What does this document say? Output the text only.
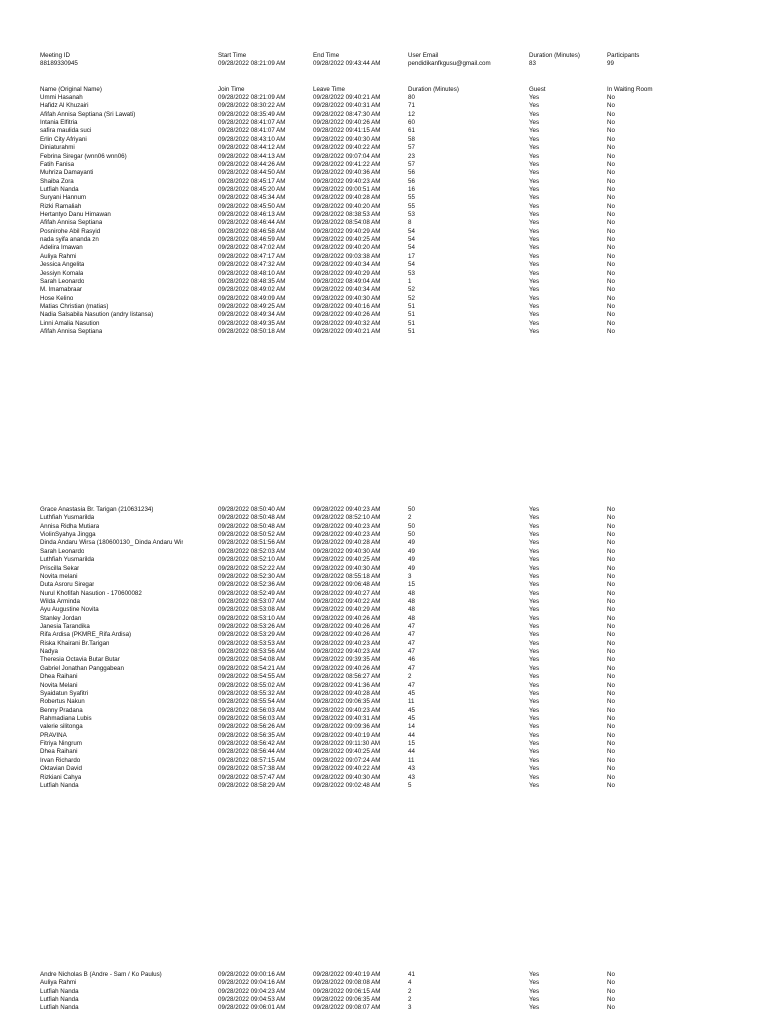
Meeting ID	Start Time	End Time	User Email	Duration (Minutes)	Participants
88189330945	09/28/2022 08:21:09 AM	09/28/2022 09:43:44 AM	pendidikanfkgusu@gmail.com	83	99
Name (Original Name)	Join Time	Leave Time	Duration (Minutes)	Guest	In Waiting Room
Ummi Hasanah	09/28/2022 08:21:09 AM	09/28/2022 09:40:21 AM	80	Yes	No
Hafidz Al Khuzairi	09/28/2022 08:30:22 AM	09/28/2022 09:40:31 AM	71	Yes	No
Afifah Annisa Septiana (Sri Lawati)	09/28/2022 08:35:49 AM	09/28/2022 08:47:30 AM	12	Yes	No
Intania Elfitria	09/28/2022 08:41:07 AM	09/28/2022 09:40:26 AM	60	Yes	No
safira maulida suci	09/28/2022 08:41:07 AM	09/28/2022 09:41:15 AM	61	Yes	No
Erlin City Afriyani	09/28/2022 08:43:10 AM	09/28/2022 09:40:30 AM	58	Yes	No
Diniaturahmi	09/28/2022 08:44:12 AM	09/28/2022 09:40:22 AM	57	Yes	No
Febrina Siregar (wnn06 wnn06)	09/28/2022 08:44:13 AM	09/28/2022 09:07:04 AM	23	Yes	No
Fatih Fanisa	09/28/2022 08:44:26 AM	09/28/2022 09:41:22 AM	57	Yes	No
Muhriza Damayanti	09/28/2022 08:44:50 AM	09/28/2022 09:40:36 AM	56	Yes	No
Shaiba Zora	09/28/2022 08:45:17 AM	09/28/2022 09:40:23 AM	56	Yes	No
Lutfiah Nanda	09/28/2022 08:45:20 AM	09/28/2022 09:00:51 AM	16	Yes	No
Suryani Hannum	09/28/2022 08:45:34 AM	09/28/2022 09:40:28 AM	55	Yes	No
Rizki Ramaliah	09/28/2022 08:45:50 AM	09/28/2022 09:40:20 AM	55	Yes	No
Hertantyo Danu Himawan	09/28/2022 08:46:13 AM	09/28/2022 08:38:53 AM	53	Yes	No
Afifah Annisa Septiana	09/28/2022 08:46:44 AM	09/28/2022 08:54:08 AM	8	Yes	No
Posnirohe Abil Rasyid	09/28/2022 08:46:58 AM	09/28/2022 09:40:29 AM	54	Yes	No
nada syifa ananda zn	09/28/2022 08:46:59 AM	09/28/2022 09:40:25 AM	54	Yes	No
Adelira Imawan	09/28/2022 08:47:02 AM	09/28/2022 09:40:20 AM	54	Yes	No
Auliya Rahmi	09/28/2022 08:47:17 AM	09/28/2022 09:03:38 AM	17	Yes	No
Jessica Angelita	09/28/2022 08:47:32 AM	09/28/2022 09:40:34 AM	54	Yes	No
Jessiyn Komala	09/28/2022 08:48:10 AM	09/28/2022 09:40:29 AM	53	Yes	No
Sarah Leonardo	09/28/2022 08:48:35 AM	09/28/2022 08:49:04 AM	1	Yes	No
M. Imamabraar	09/28/2022 08:49:02 AM	09/28/2022 09:40:34 AM	52	Yes	No
Hose Kelino	09/28/2022 08:49:09 AM	09/28/2022 09:40:30 AM	52	Yes	No
Matias Christian (matias)	09/28/2022 08:49:25 AM	09/28/2022 09:40:16 AM	51	Yes	No
Nadia Salsabila Nasution (andry listansa)	09/28/2022 08:49:34 AM	09/28/2022 09:40:26 AM	51	Yes	No
Linni Amalia Nasution	09/28/2022 08:49:35 AM	09/28/2022 09:40:32 AM	51	Yes	No
Afifah Annisa Septiana	09/28/2022 08:50:18 AM	09/28/2022 09:40:21 AM	51	Yes	No
Grace Anastasia Br. Tarigan (210631234)	09/28/2022 08:50:40 AM	09/28/2022 09:40:23 AM	50	Yes	No
Luthfiah Yusmarilda	09/28/2022 08:50:48 AM	09/28/2022 08:52:10 AM	2	Yes	No
Annisa Ridha Mutiara	09/28/2022 08:50:48 AM	09/28/2022 09:40:23 AM	50	Yes	No
ViolinSyahya Jingga	09/28/2022 08:50:52 AM	09/28/2022 09:40:23 AM	50	Yes	No
Dinda Andaru Wirsa (180600130_ Dinda Andaru Wir	09/28/2022 08:51:56 AM	09/28/2022 09:40:28 AM	49	Yes	No
Sarah Leonardo	09/28/2022 08:52:03 AM	09/28/2022 09:40:30 AM	49	Yes	No
Luthfiah Yusmarilda	09/28/2022 08:52:10 AM	09/28/2022 09:40:25 AM	49	Yes	No
Priscilla Sekar	09/28/2022 08:52:22 AM	09/28/2022 09:40:30 AM	49	Yes	No
Novita melani	09/28/2022 08:52:30 AM	09/28/2022 08:55:18 AM	3	Yes	No
Duta Asroru Siregar	09/28/2022 08:52:36 AM	09/28/2022 09:06:48 AM	15	Yes	No
Nurul Khofifah Nasution - 170600082	09/28/2022 08:52:49 AM	09/28/2022 09:40:27 AM	48	Yes	No
Wilda Arminda	09/28/2022 08:53:07 AM	09/28/2022 09:40:22 AM	48	Yes	No
Ayu Augustine Novita	09/28/2022 08:53:08 AM	09/28/2022 09:40:29 AM	48	Yes	No
Stanley Jordan	09/28/2022 08:53:10 AM	09/28/2022 09:40:26 AM	48	Yes	No
Janesia Tarandika	09/28/2022 08:53:26 AM	09/28/2022 09:40:26 AM	47	Yes	No
Rifa Ardisa (PKMRE_Rifa Ardisa)	09/28/2022 08:53:29 AM	09/28/2022 09:40:26 AM	47	Yes	No
Riska Khairani Br.Tarigan	09/28/2022 08:53:53 AM	09/28/2022 09:40:23 AM	47	Yes	No
Nadya	09/28/2022 08:53:56 AM	09/28/2022 09:40:23 AM	47	Yes	No
Theresia Octavia Butar Butar	09/28/2022 08:54:08 AM	09/28/2022 09:39:35 AM	46	Yes	No
Gabriel Jonathan Panggabean	09/28/2022 08:54:21 AM	09/28/2022 09:40:26 AM	47	Yes	No
Dhea Raihani	09/28/2022 08:54:55 AM	09/28/2022 08:56:27 AM	2	Yes	No
Novita Melani	09/28/2022 08:55:02 AM	09/28/2022 09:41:36 AM	47	Yes	No
Syaidatun Syafitri	09/28/2022 08:55:32 AM	09/28/2022 09:40:28 AM	45	Yes	No
Robertus Nakun	09/28/2022 08:55:54 AM	09/28/2022 09:06:35 AM	11	Yes	No
Benny Pradana	09/28/2022 08:56:03 AM	09/28/2022 09:40:23 AM	45	Yes	No
Rahmadiana Lubis	09/28/2022 08:56:03 AM	09/28/2022 09:40:31 AM	45	Yes	No
valerie silitonga	09/28/2022 08:56:26 AM	09/28/2022 09:09:36 AM	14	Yes	No
PRAVINA	09/28/2022 08:56:35 AM	09/28/2022 09:40:19 AM	44	Yes	No
Fitriya Ningrum	09/28/2022 08:56:42 AM	09/28/2022 09:11:30 AM	15	Yes	No
Dhea Raihani	09/28/2022 08:56:44 AM	09/28/2022 09:40:25 AM	44	Yes	No
Irvan Richardo	09/28/2022 08:57:15 AM	09/28/2022 09:07:24 AM	11	Yes	No
Oktavian David	09/28/2022 08:57:38 AM	09/28/2022 09:40:22 AM	43	Yes	No
Rizkiani Cahya	09/28/2022 08:57:47 AM	09/28/2022 09:40:30 AM	43	Yes	No
Lutfiah Nanda	09/28/2022 08:58:29 AM	09/28/2022 09:02:48 AM	5	Yes	No
Andre Nicholas B (Andre - Sam / Ko Paulus)	09/28/2022 09:00:16 AM	09/28/2022 09:40:19 AM	41	Yes	No
Auliya Rahmi	09/28/2022 09:04:16 AM	09/28/2022 09:08:08 AM	4	Yes	No
Lutfiah Nanda	09/28/2022 09:04:23 AM	09/28/2022 09:06:15 AM	2	Yes	No
Lutfiah Nanda	09/28/2022 09:04:53 AM	09/28/2022 09:06:35 AM	2	Yes	No
Lutfiah Nanda	09/28/2022 09:06:01 AM	09/28/2022 09:08:07 AM	3	Yes	No
